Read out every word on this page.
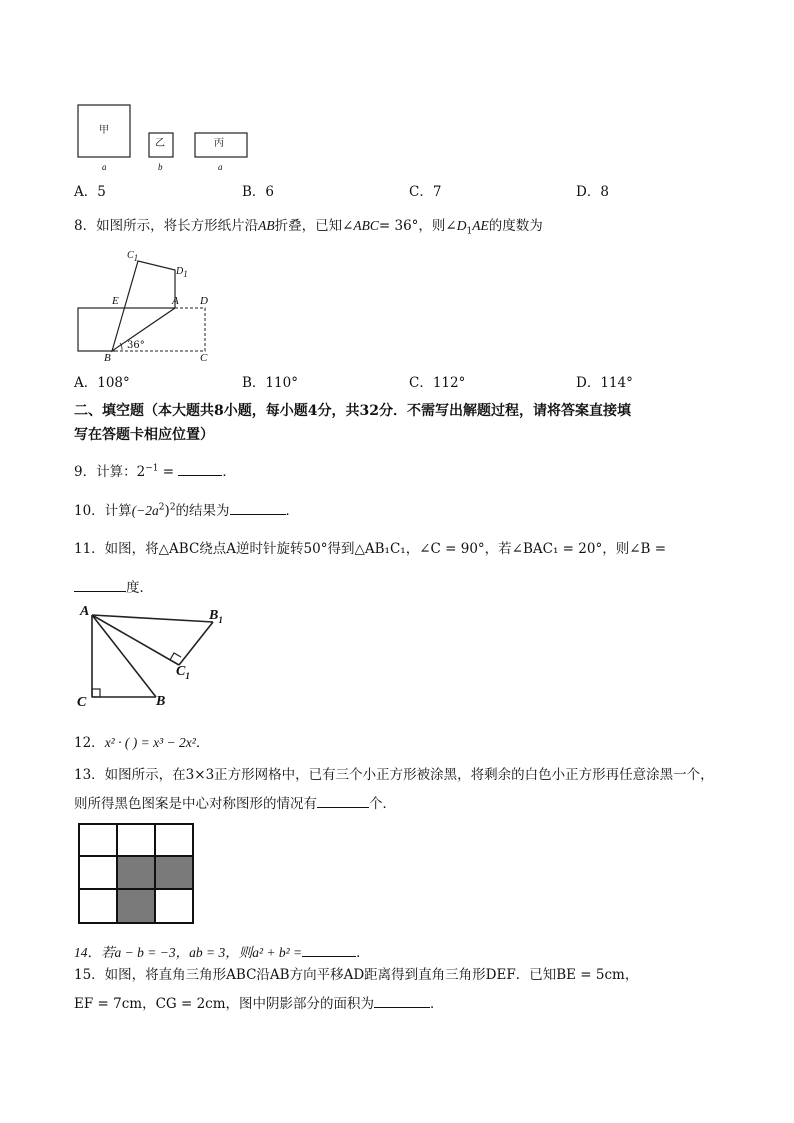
甲
乙	丙
a	b	a
A．5	B．6	C．7	D．8
8．如图所示，将长方形纸片沿AB折叠，已知∠ABC= 36°，则$\angle D_1AE$的度数为
$C_1$
$D_1$
E	A D
B	C
36°
A．108°	B．110°	C．112°	D．114°
二、填空题（本大题共8小题，每小题4分，共32分．不需写出解题过程，请将答案直接填
写在答题卡相应位置）
9．计算：$2^{-1}$ =	．
10．计算$(-2a^2)^2$的结果为	．
11．如图，将△ABC绕点A逆时针旋转50°得到△AB₁C₁，∠C = 90°，若∠BAC₁ = 20°，则∠B =
度．
A	$B_1$
$C_1$
C	B
12．x² · ( ) = x³ − 2x²．
13．如图所示，在3×3正方形网格中，已有三个小正方形被涂黑，将剩余的白色小正方形再任意涂黑一个，
则所得黑色图案是中心对称图形的情况有	个．
14．若a − b = −3，ab = 3，则a² + b² =	．
15．如图，将直角三角形ABC沿AB方向平移AD距离得到直角三角形DEF．已知BE = 5cm，
EF = 7cm，CG = 2cm，图中阴影部分的面积为	．
